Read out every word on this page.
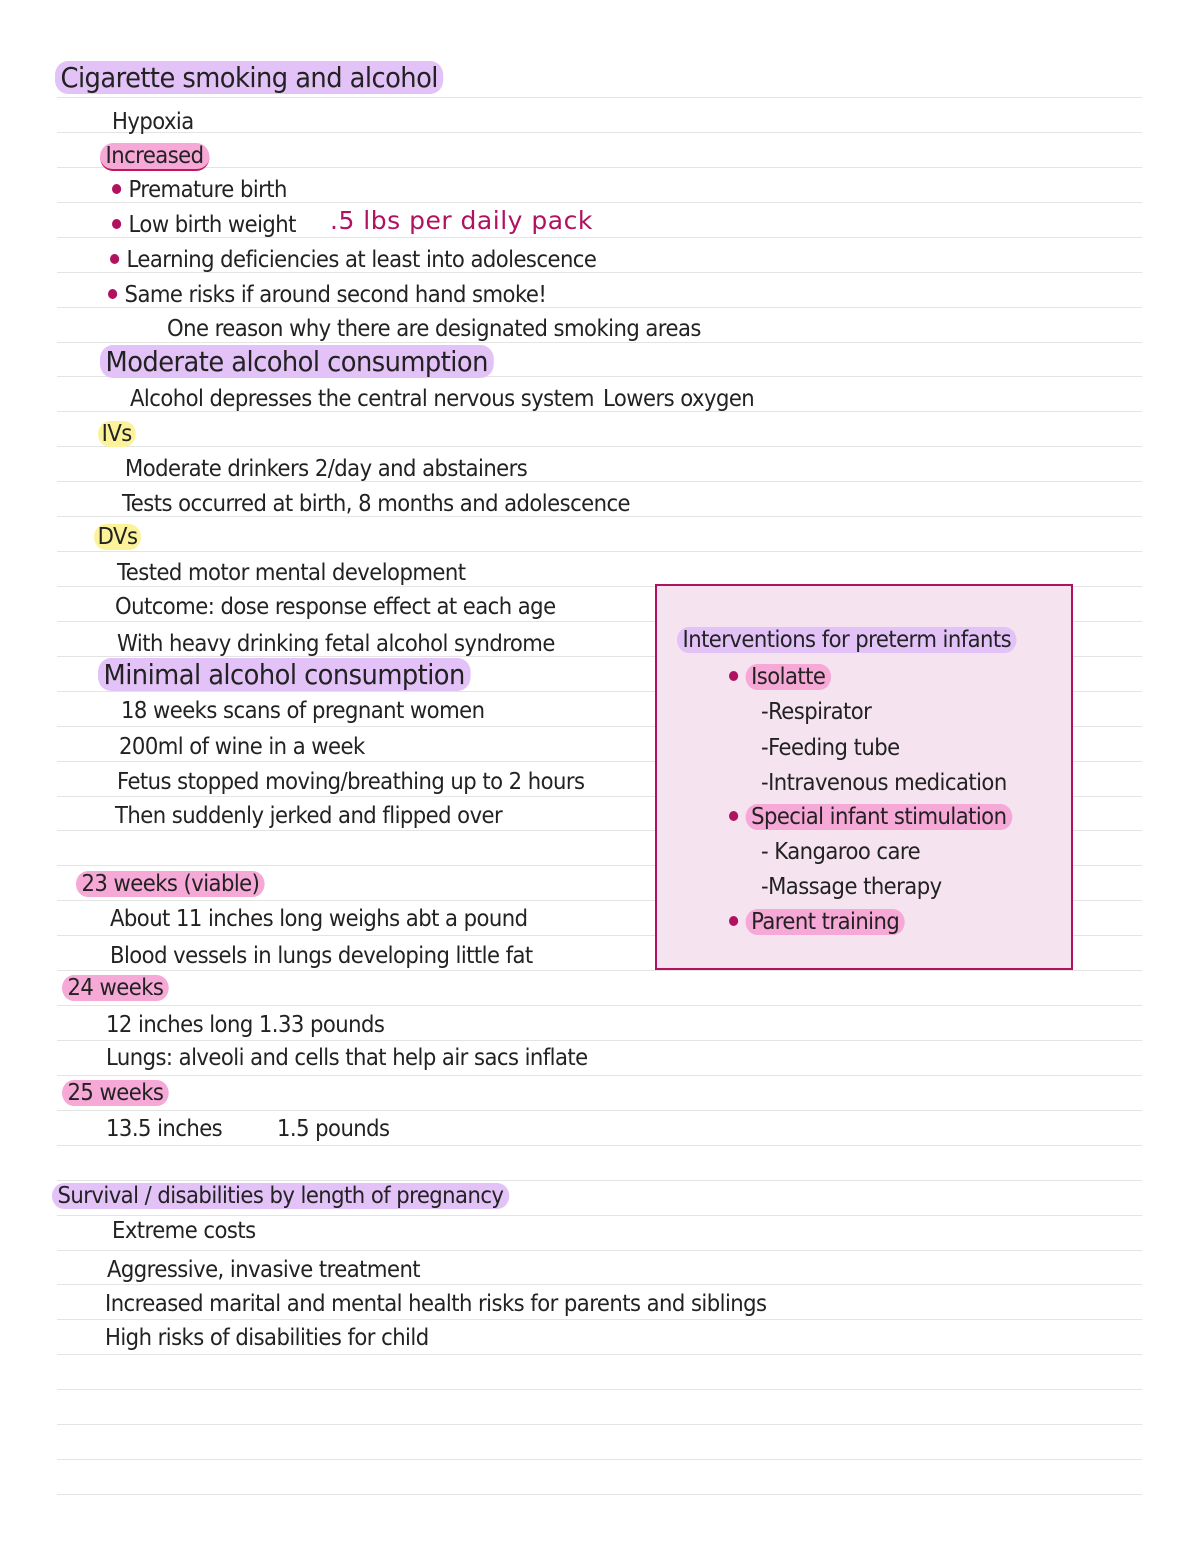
Cigarette smoking and alcohol
Hypoxia
Increased
Premature birth
Low birth weight .5 lbs per daily pack
Learning deficiencies at least into adolescence
Same risks if around second hand smoke!
One reason why there are designated smoking areas
Moderate alcohol consumption
Alcohol depresses the central nervous system Lowers oxygen
IVs
Moderate drinkers 2/day and abstainers
Tests occurred at birth, 8 months and adolescence
DVs
Tested motor mental development
Outcome: dose response effect at each age
With heavy drinking fetal alcohol syndrome
Minimal alcohol consumption
18 weeks scans of pregnant women
200ml of wine in a week
Fetus stopped moving/breathing up to 2 hours
Then suddenly jerked and flipped over
23 weeks (viable)
About 11 inches long weighs abt a pound
Blood vessels in lungs developing little fat
24 weeks
12 inches long 1.33 pounds
Lungs: alveoli and cells that help air sacs inflate
25 weeks
13.5 inches 1.5 pounds
Survival / disabilities by length of pregnancy
Extreme costs
Aggressive, invasive treatment
Increased marital and mental health risks for parents and siblings
High risks of disabilities for child
Interventions for preterm infants
Isolatte
-Respirator
-Feeding tube
-Intravenous medication
Special infant stimulation
- Kangaroo care
-Massage therapy
Parent training
